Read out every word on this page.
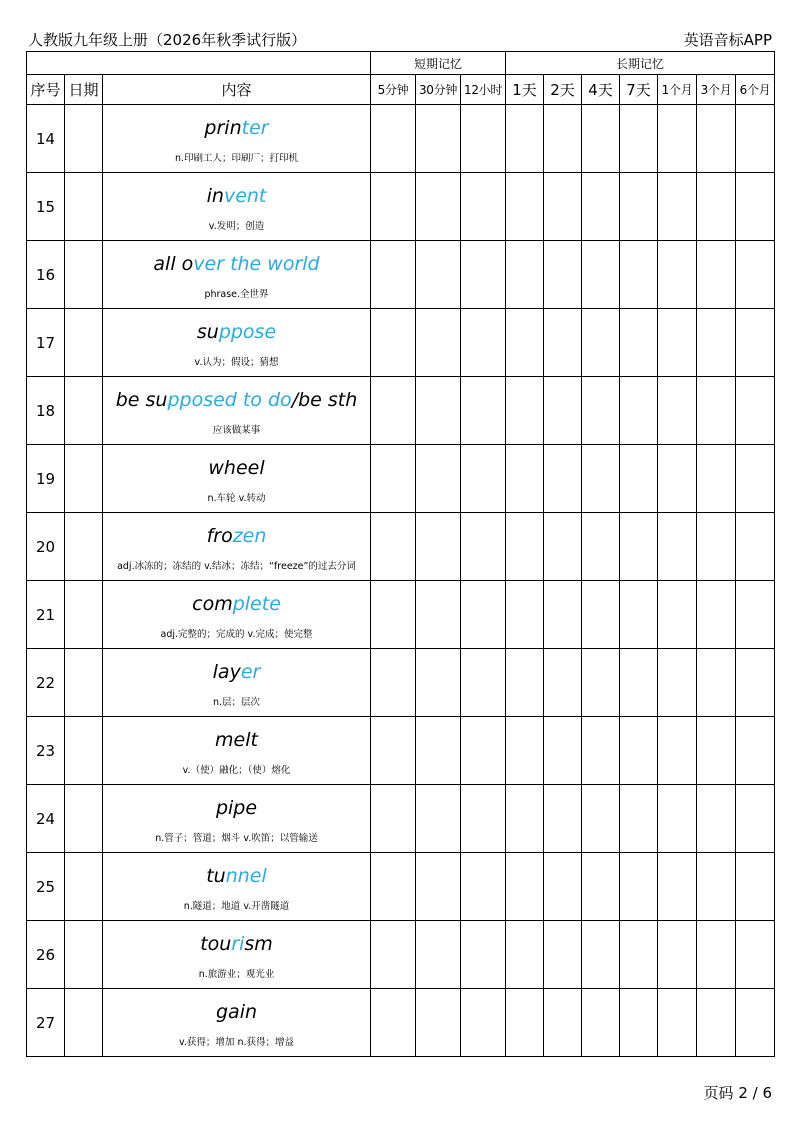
人教版九年级上册（2026年秋季试行版）	英语音标APP
			短期记忆			长期记忆						
序号	日期	内容	5分钟	30分钟	12小时	1天	2天	4天	7天	1个月	3个月	6个月
14		printer
n.印刷工人；印刷厂；打印机										

15		invent
v.发明；创造										

16		all over the world
phrase.全世界										

17		suppose
v.认为；假设；猜想										

18		be supposed to do/be sth
应该做某事										

19		wheel
n.车轮 v.转动										

20		frozen
adj.冰冻的；冻结的 v.结冰；冻结；“freeze”的过去分词										

21		complete
adj.完整的；完成的 v.完成；使完整										

22		layer
n.层；层次										

23		melt
v.（使）融化；（使）熔化										

24		pipe
n.管子；管道；烟斗 v.吹笛；以管输送										

25		tunnel
n.隧道；地道 v.开凿隧道										

26		tourism
n.旅游业；观光业										

27		gain
v.获得；增加 n.获得；增益										

页码 2 / 6
